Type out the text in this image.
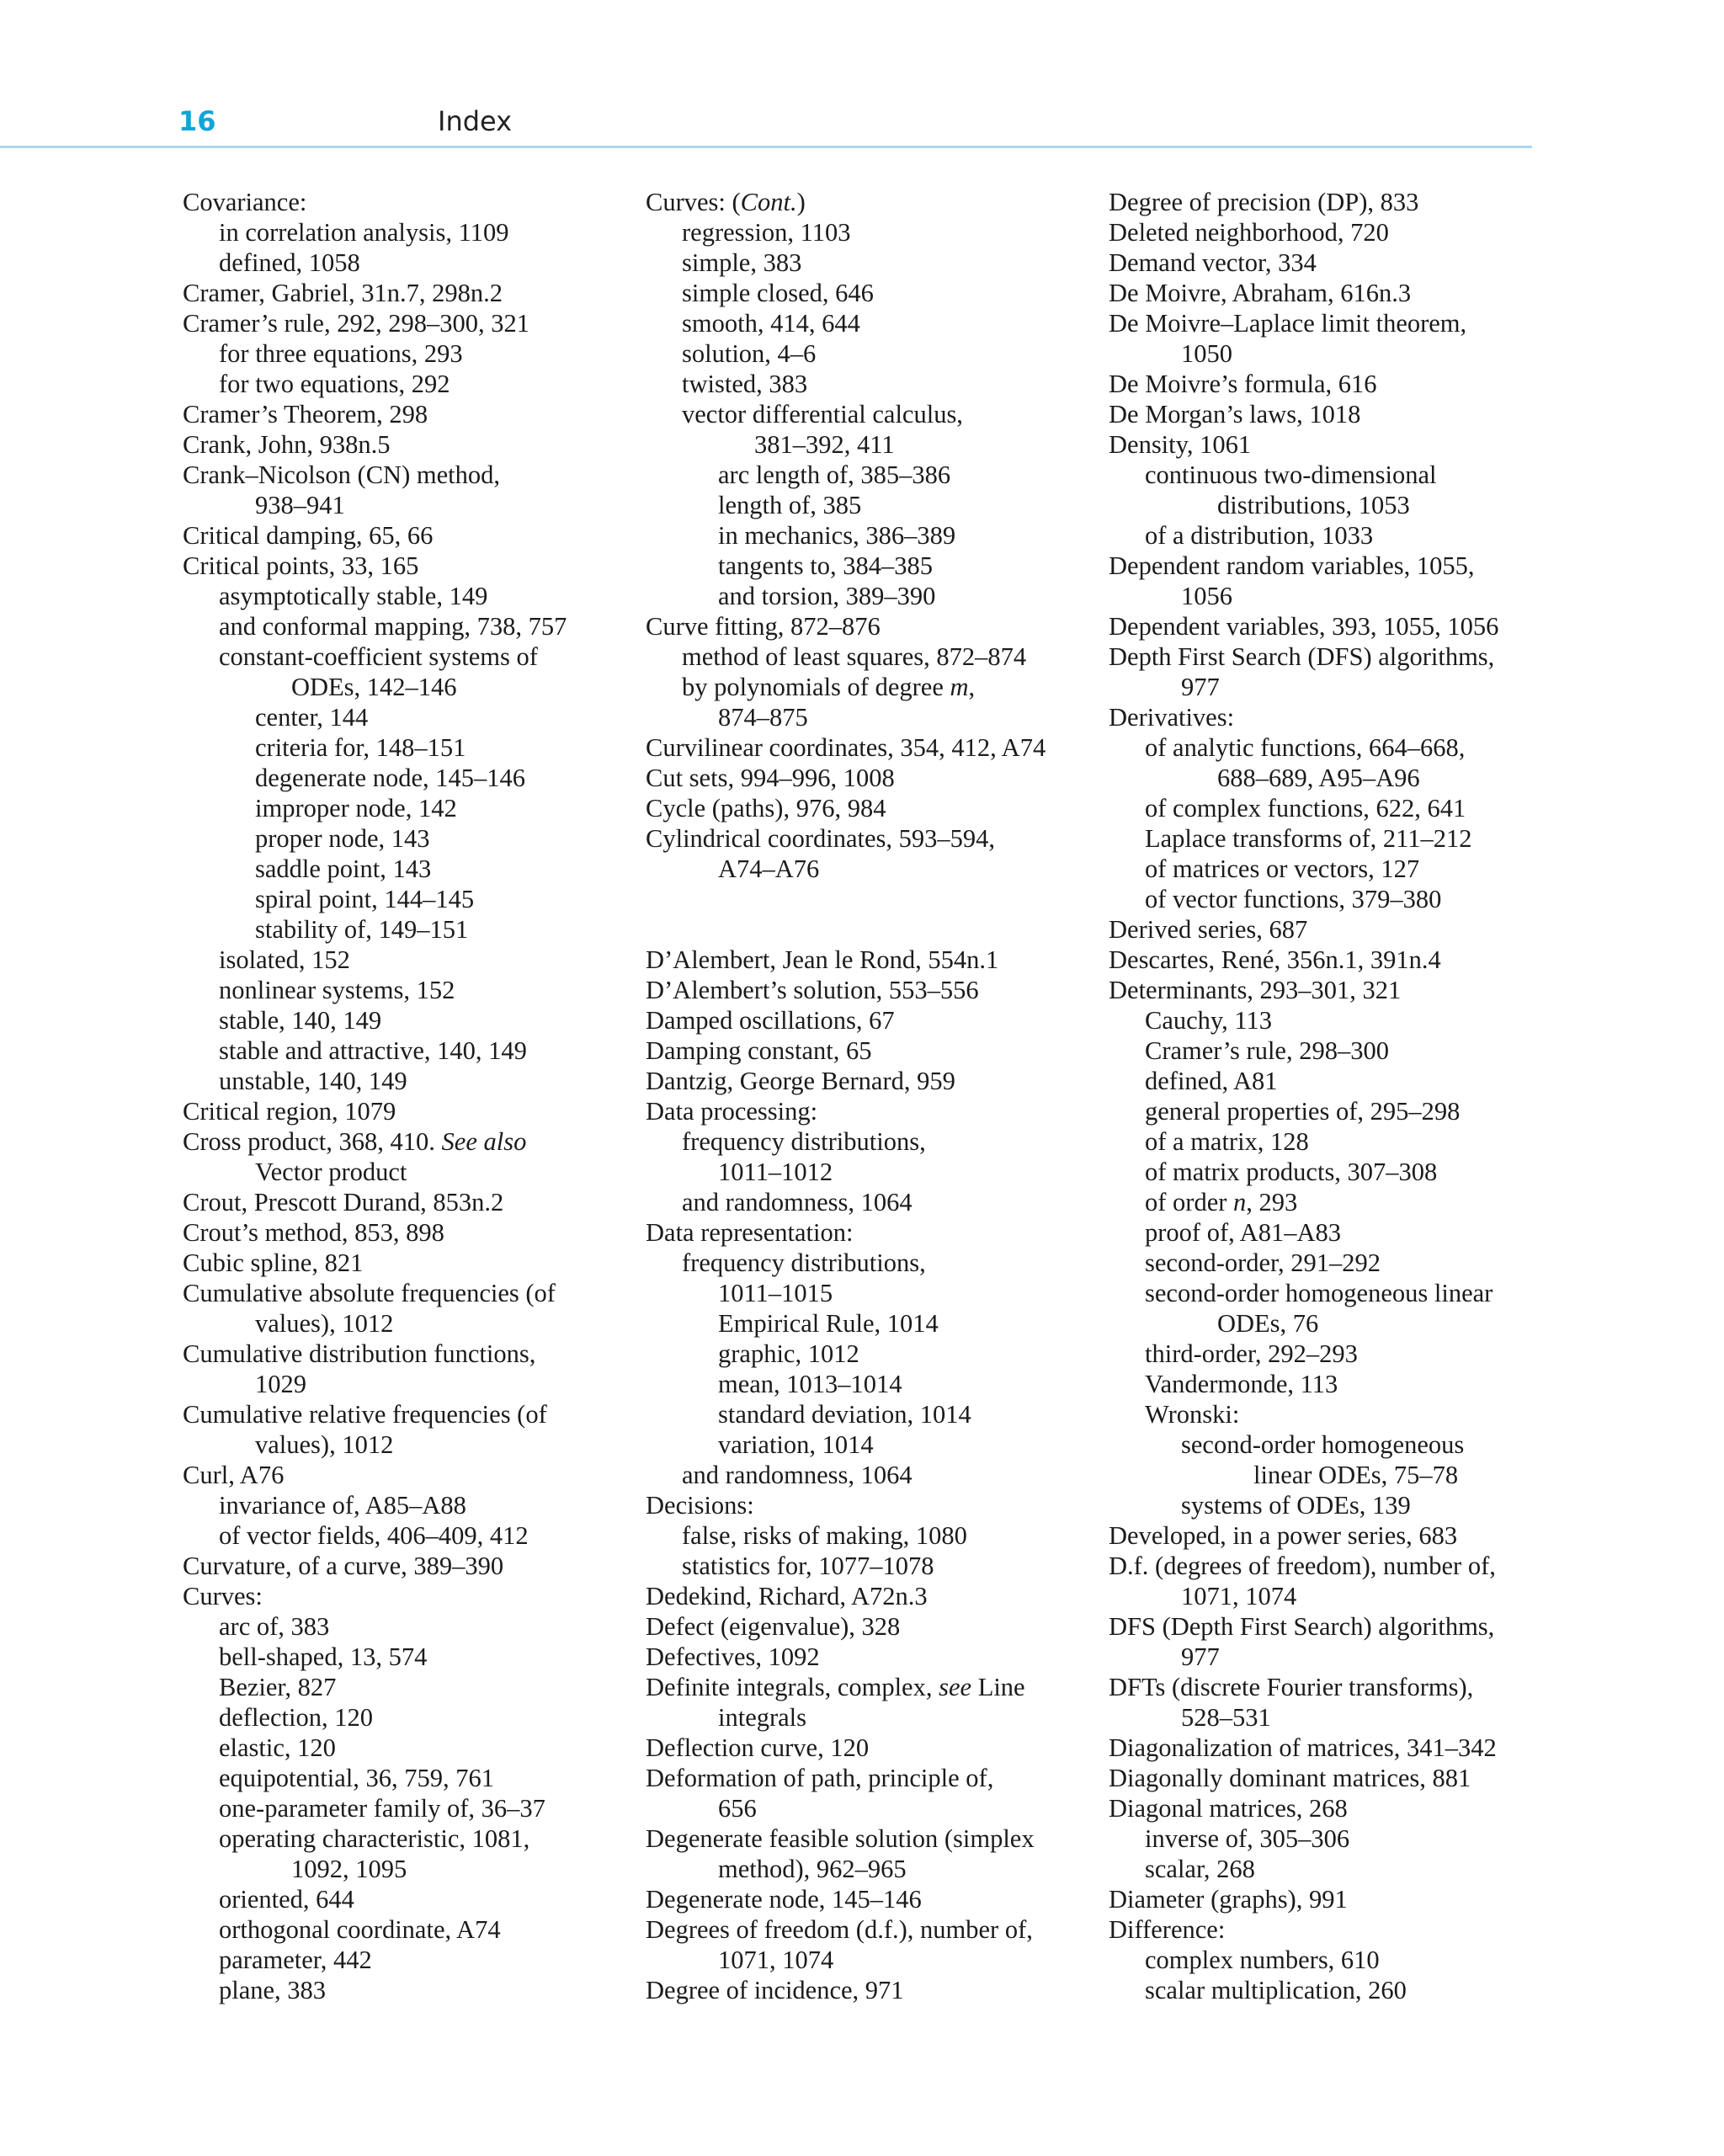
16	Index
Covariance:
in correlation analysis, 1109
defined, 1058
Cramer, Gabriel, 31n.7, 298n.2
Cramer’s rule, 292, 298–300, 321
for three equations, 293
for two equations, 292
Cramer’s Theorem, 298
Crank, John, 938n.5
Crank–Nicolson (CN) method,
938–941
Critical damping, 65, 66
Critical points, 33, 165
asymptotically stable, 149
and conformal mapping, 738, 757
constant-coefficient systems of
ODEs, 142–146
center, 144
criteria for, 148–151
degenerate node, 145–146
improper node, 142
proper node, 143
saddle point, 143
spiral point, 144–145
stability of, 149–151
isolated, 152
nonlinear systems, 152
stable, 140, 149
stable and attractive, 140, 149
unstable, 140, 149
Critical region, 1079
Cross product, 368, 410. See also
Vector product
Crout, Prescott Durand, 853n.2
Crout’s method, 853, 898
Cubic spline, 821
Cumulative absolute frequencies (of
values), 1012
Cumulative distribution functions,
1029
Cumulative relative frequencies (of
values), 1012
Curl, A76
invariance of, A85–A88
of vector fields, 406–409, 412
Curvature, of a curve, 389–390
Curves:
arc of, 383
bell-shaped, 13, 574
Bezier, 827
deflection, 120
elastic, 120
equipotential, 36, 759, 761
one-parameter family of, 36–37
operating characteristic, 1081,
1092, 1095
oriented, 644
orthogonal coordinate, A74
parameter, 442
plane, 383
Curves: (Cont.)
regression, 1103
simple, 383
simple closed, 646
smooth, 414, 644
solution, 4–6
twisted, 383
vector differential calculus,
381–392, 411
arc length of, 385–386
length of, 385
in mechanics, 386–389
tangents to, 384–385
and torsion, 389–390
Curve fitting, 872–876
method of least squares, 872–874
by polynomials of degree m,
874–875
Curvilinear coordinates, 354, 412, A74
Cut sets, 994–996, 1008
Cycle (paths), 976, 984
Cylindrical coordinates, 593–594,
A74–A76
D’Alembert, Jean le Rond, 554n.1
D’Alembert’s solution, 553–556
Damped oscillations, 67
Damping constant, 65
Dantzig, George Bernard, 959
Data processing:
frequency distributions,
1011–1012
and randomness, 1064
Data representation:
frequency distributions,
1011–1015
Empirical Rule, 1014
graphic, 1012
mean, 1013–1014
standard deviation, 1014
variation, 1014
and randomness, 1064
Decisions:
false, risks of making, 1080
statistics for, 1077–1078
Dedekind, Richard, A72n.3
Defect (eigenvalue), 328
Defectives, 1092
Definite integrals, complex, see Line
integrals
Deflection curve, 120
Deformation of path, principle of,
656
Degenerate feasible solution (simplex
method), 962–965
Degenerate node, 145–146
Degrees of freedom (d.f.), number of,
1071, 1074
Degree of incidence, 971
Degree of precision (DP), 833
Deleted neighborhood, 720
Demand vector, 334
De Moivre, Abraham, 616n.3
De Moivre–Laplace limit theorem,
1050
De Moivre’s formula, 616
De Morgan’s laws, 1018
Density, 1061
continuous two-dimensional
distributions, 1053
of a distribution, 1033
Dependent random variables, 1055,
1056
Dependent variables, 393, 1055, 1056
Depth First Search (DFS) algorithms,
977
Derivatives:
of analytic functions, 664–668,
688–689, A95–A96
of complex functions, 622, 641
Laplace transforms of, 211–212
of matrices or vectors, 127
of vector functions, 379–380
Derived series, 687
Descartes, René, 356n.1, 391n.4
Determinants, 293–301, 321
Cauchy, 113
Cramer’s rule, 298–300
defined, A81
general properties of, 295–298
of a matrix, 128
of matrix products, 307–308
of order n, 293
proof of, A81–A83
second-order, 291–292
second-order homogeneous linear
ODEs, 76
third-order, 292–293
Vandermonde, 113
Wronski:
second-order homogeneous
linear ODEs, 75–78
systems of ODEs, 139
Developed, in a power series, 683
D.f. (degrees of freedom), number of,
1071, 1074
DFS (Depth First Search) algorithms,
977
DFTs (discrete Fourier transforms),
528–531
Diagonalization of matrices, 341–342
Diagonally dominant matrices, 881
Diagonal matrices, 268
inverse of, 305–306
scalar, 268
Diameter (graphs), 991
Difference:
complex numbers, 610
scalar multiplication, 260
